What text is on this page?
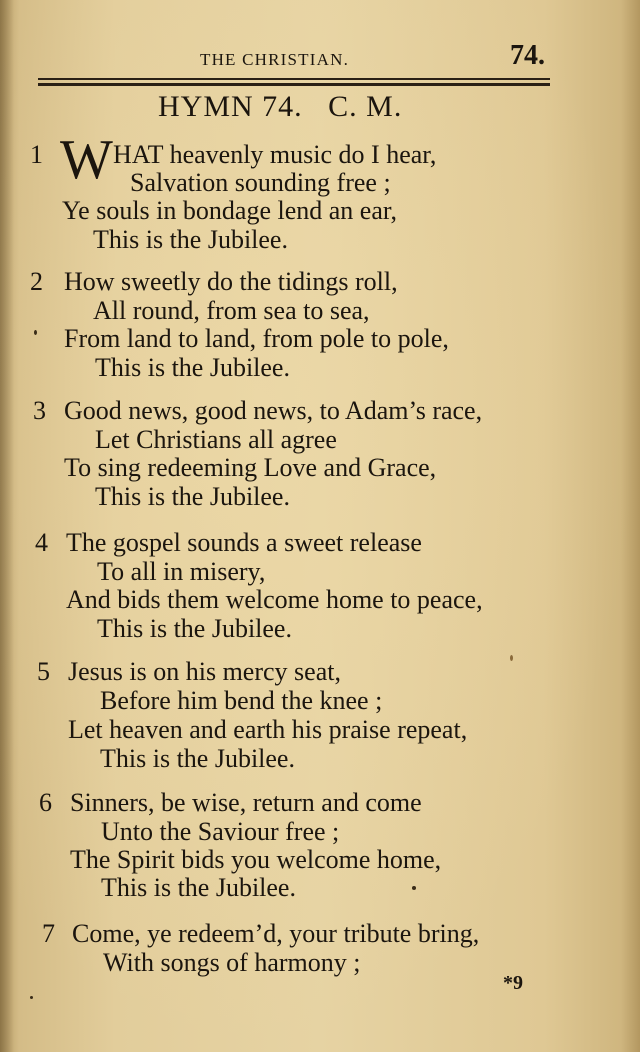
THE CHRISTIAN.	74.
HYMN 74.   C. M.
1 W HAT heavenly music do I hear,
Salvation sounding free ;
Ye souls in bondage lend an ear,
This is the Jubilee.
2 How sweetly do the tidings roll,
All round, from sea to sea,
From land to land, from pole to pole,
This is the Jubilee.
3 Good news, good news, to Adam’s race,
Let Christians all agree
To sing redeeming Love and Grace,
This is the Jubilee.
4 The gospel sounds a sweet release
To all in misery,
And bids them welcome home to peace,
This is the Jubilee.
5 Jesus is on his mercy seat,
Before him bend the knee ;
Let heaven and earth his praise repeat,
This is the Jubilee.
6 Sinners, be wise, return and come
Unto the Saviour free ;
The Spirit bids you welcome home,
This is the Jubilee.
7 Come, ye redeem’d, your tribute bring,
With songs of harmony ;
*9
